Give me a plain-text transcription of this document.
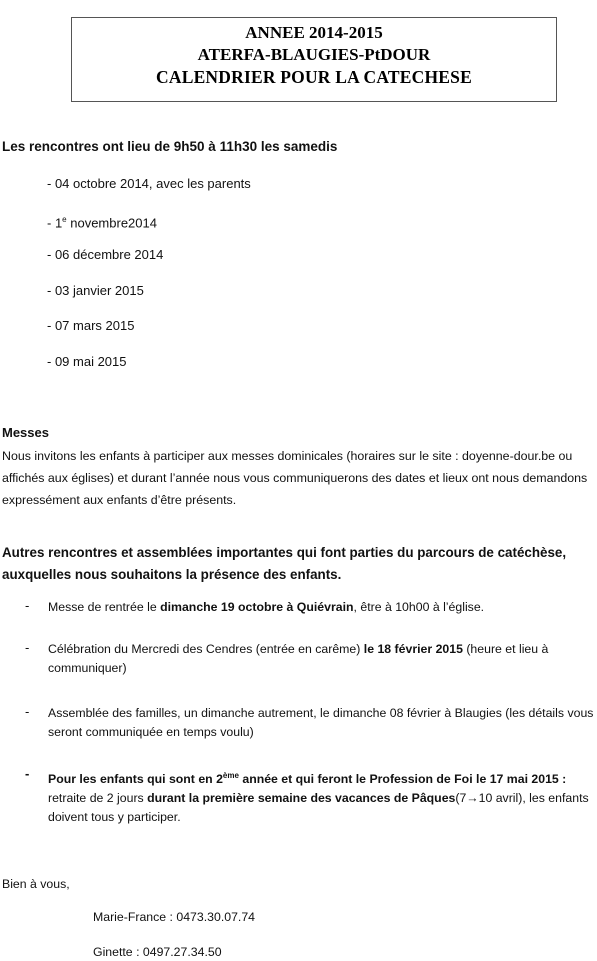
ANNEE 2014-2015
ATERFA-BLAUGIES-PtDOUR
CALENDRIER POUR LA CATECHESE
Les rencontres ont lieu de 9h50 à 11h30 les samedis
- 04 octobre 2014, avec les parents
- 1e novembre2014
- 06 décembre 2014
- 03 janvier 2015
- 07 mars 2015
- 09 mai 2015
Messes
Nous invitons les enfants à participer aux messes dominicales (horaires sur le site : doyenne-dour.be ou affichés aux églises) et durant l’année nous vous communiquerons des dates et lieux ont nous demandons expressément aux enfants d’être présents.
Autres rencontres et assemblées importantes qui font parties du parcours de catéchèse, auxquelles nous souhaitons la présence des enfants.
- Messe de rentrée le dimanche 19 octobre à Quiévrain, être à 10h00 à l’église.
- Célébration du Mercredi des Cendres (entrée en carême) le 18 février 2015 (heure et lieu à communiquer)
- Assemblée des familles, un dimanche autrement, le dimanche 08 février à Blaugies (les détails vous seront communiquée en temps voulu)
- Pour les enfants qui sont en 2ème année et qui feront le Profession de Foi le 17 mai 2015 : retraite de 2 jours durant la première semaine des vacances de Pâques(7→10 avril), les enfants doivent tous y participer.
Bien à vous,
Marie-France : 0473.30.07.74
Ginette : 0497.27.34.50
